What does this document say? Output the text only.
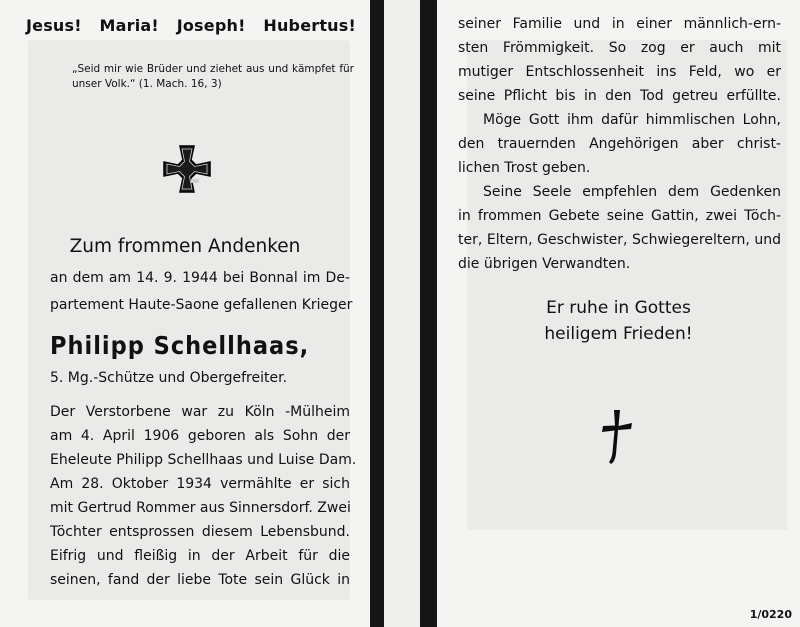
Jesus! Maria! Joseph! Hubertus!
„Seid mir wie Brüder und ziehet aus und kämpfet für unser Volk.“ (1. Mach. 16, 3)
Zum frommen Andenken
an dem am 14. 9. 1944 bei Bonnal im De-
partement Haute-Saone gefallenen Krieger
Philipp Schellhaas,
5. Mg.-Schütze und Obergefreiter.
Der Verstorbene war zu Köln -Mülheim
am 4. April 1906 geboren als Sohn der
Eheleute Philipp Schellhaas und Luise Dam.
Am 28. Oktober 1934 vermählte er sich
mit Gertrud Rommer aus Sinnersdorf. Zwei
Töchter entsprossen diesem Lebensbund.
Eifrig und fleißig in der Arbeit für die
seinen, fand der liebe Tote sein Glück in
seiner Familie und in einer männlich-ern-
sten Frömmigkeit. So zog er auch mit
mutiger Entschlossenheit ins Feld, wo er
seine Pflicht bis in den Tod getreu erfüllte.
Möge Gott ihm dafür himmlischen Lohn,
den trauernden Angehörigen aber christ-
lichen Trost geben.
Seine Seele empfehlen dem Gedenken
in frommen Gebete seine Gattin, zwei Töch-
ter, Eltern, Geschwister, Schwiegereltern, und
die übrigen Verwandten.
Er ruhe in Gottes
heiligem Frieden!
1/0220
